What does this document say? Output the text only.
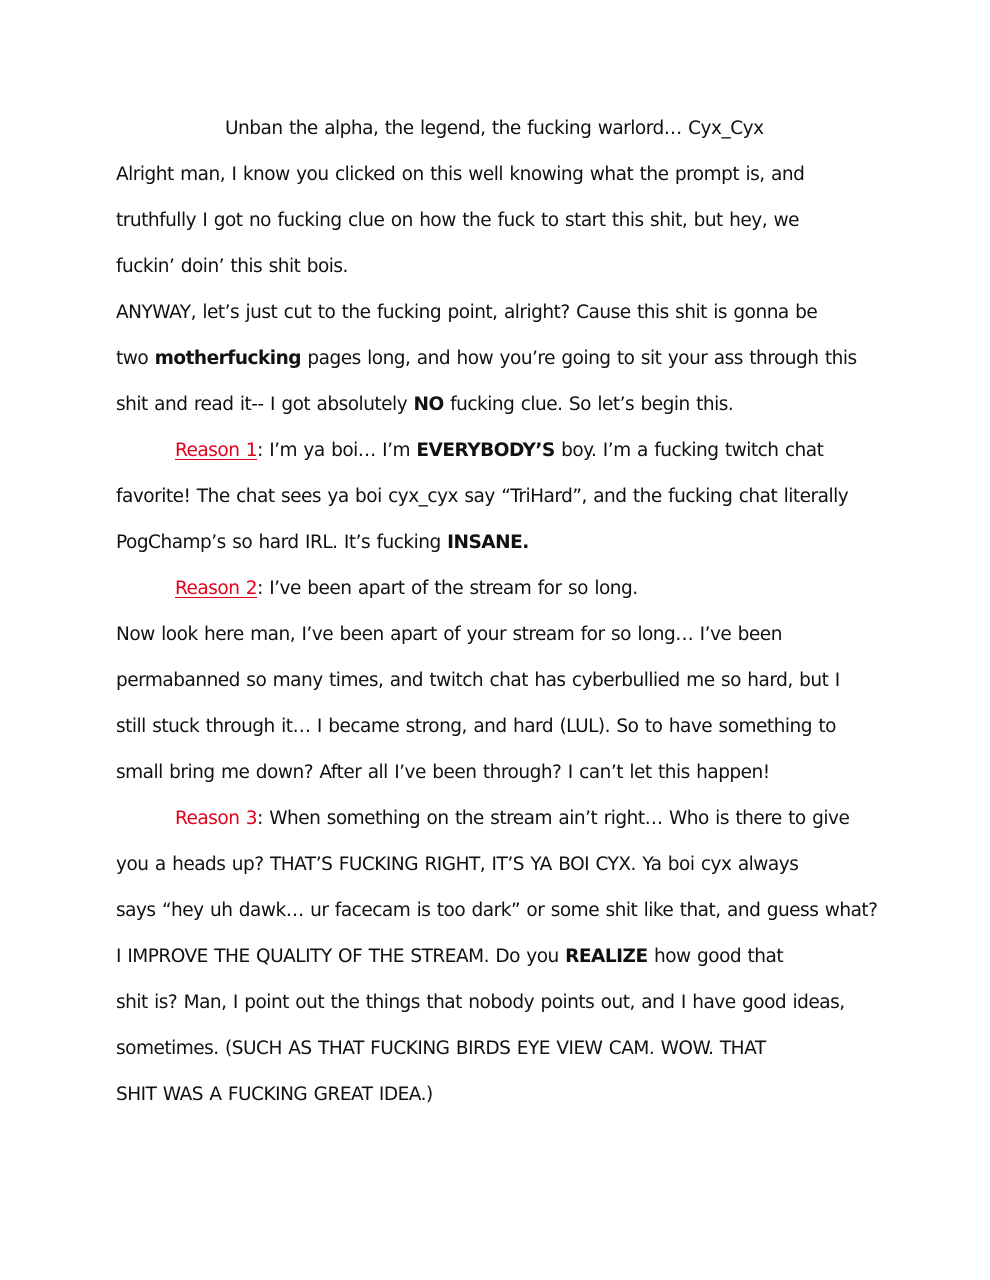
Unban the alpha, the legend, the fucking warlord… Cyx_Cyx
Alright man, I know you clicked on this well knowing what the prompt is, and
truthfully I got no fucking clue on how the fuck to start this shit, but hey, we
fuckin’ doin’ this shit bois.
ANYWAY, let’s just cut to the fucking point, alright? Cause this shit is gonna be
two motherfucking pages long, and how you’re going to sit your ass through this
shit and read it-- I got absolutely NO fucking clue. So let’s begin this.
Reason 1: I’m ya boi… I’m EVERYBODY’S boy. I’m a fucking twitch chat
favorite! The chat sees ya boi cyx_cyx say “TriHard”, and the fucking chat literally
PogChamp’s so hard IRL. It’s fucking INSANE.
Reason 2: I’ve been apart of the stream for so long.
Now look here man, I’ve been apart of your stream for so long… I’ve been
permabanned so many times, and twitch chat has cyberbullied me so hard, but I
still stuck through it… I became strong, and hard (LUL). So to have something to
small bring me down? After all I’ve been through? I can’t let this happen!
Reason 3: When something on the stream ain’t right… Who is there to give
you a heads up? THAT’S FUCKING RIGHT, IT’S YA BOI CYX. Ya boi cyx always
says “hey uh dawk… ur facecam is too dark” or some shit like that, and guess what?
I IMPROVE THE QUALITY OF THE STREAM. Do you REALIZE how good that
shit is? Man, I point out the things that nobody points out, and I have good ideas,
sometimes. (SUCH AS THAT FUCKING BIRDS EYE VIEW CAM. WOW. THAT
SHIT WAS A FUCKING GREAT IDEA.)
